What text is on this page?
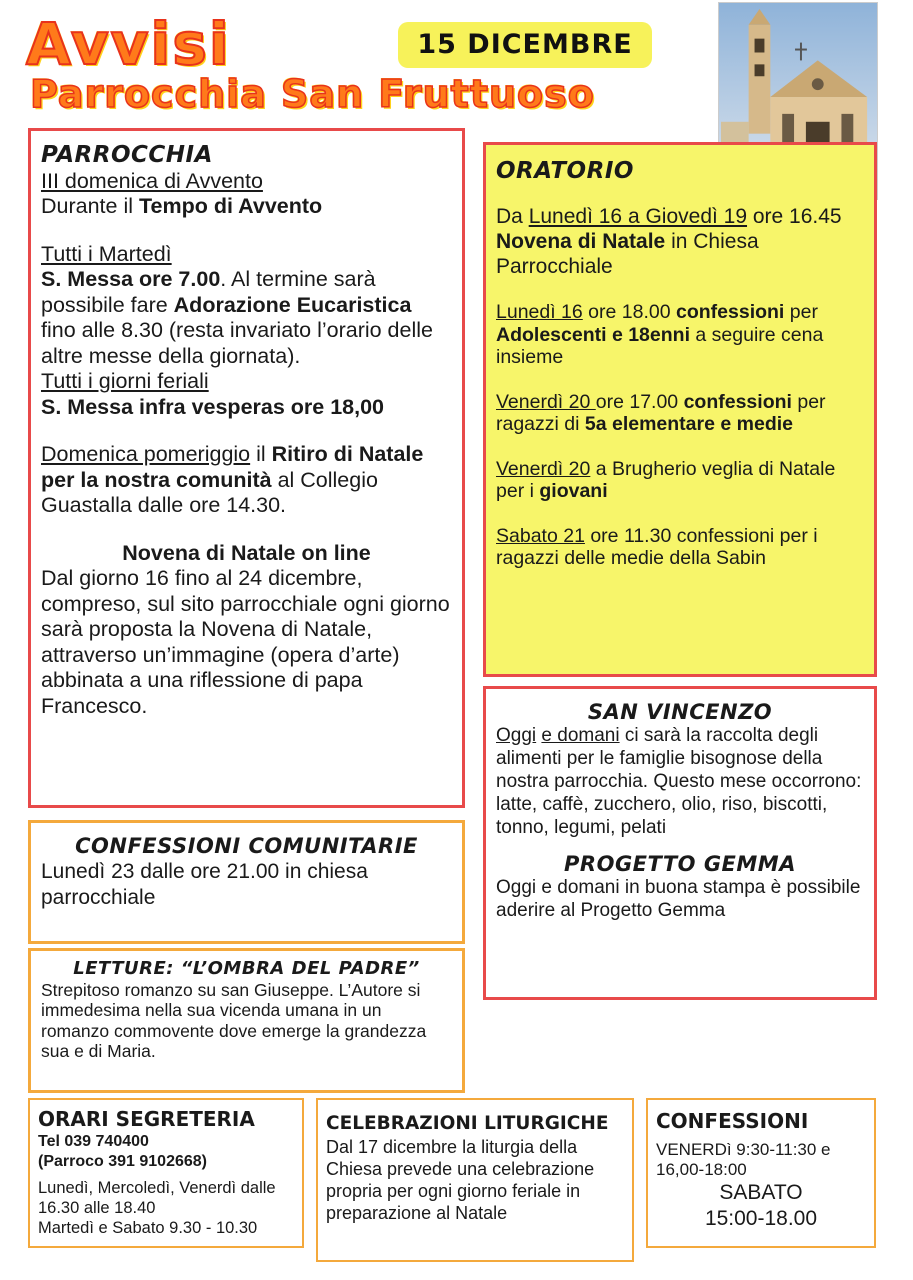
Avvisi
Parrocchia San Fruttuoso
15 DICEMBRE
PARROCCHIA

III domenica di Avvento

Durante il Tempo di Avvento

Tutti i Martedì

S. Messa ore 7.00. Al termine sarà possibile fare Adorazione Eucaristica fino alle 8.30 (resta invariato l’orario delle altre messe della giornata).

Tutti i giorni feriali

S. Messa infra vesperas ore 18,00

Domenica pomeriggio il Ritiro di Natale per la nostra comunità al Collegio Guastalla dalle ore 14.30.

Novena di Natale on line

Dal giorno 16 fino al 24 dicembre, compreso, sul sito parrocchiale ogni giorno sarà proposta la Novena di Natale, attraverso un’immagine (opera d’arte) abbinata a una riflessione di papa Francesco.

ORATORIO

Da Lunedì 16 a Giovedì 19 ore 16.45 Novena di Natale in Chiesa Parrocchiale

Lunedì 16 ore 18.00 confessioni per Adolescenti e 18enni a seguire cena insieme

Venerdì 20 ore 17.00 confessioni per ragazzi di 5a elementare e medie

Venerdì 20 a Brugherio veglia di Natale per i giovani

Sabato 21 ore 11.30 confessioni per i ragazzi delle medie della Sabin

SAN VINCENZO

Oggi e domani ci sarà la raccolta degli alimenti per le famiglie bisognose della nostra parrocchia. Questo mese occorrono: latte, caffè, zucchero, olio, riso, biscotti, tonno, legumi, pelati

PROGETTO GEMMA

Oggi e domani in buona stampa è possibile aderire al Progetto Gemma

CONFESSIONI COMUNITARIE

Lunedì 23 dalle ore 21.00 in chiesa parrocchiale

LETTURE: “L’OMBRA DEL PADRE”

Strepitoso romanzo su san Giuseppe. L’Autore si immedesima nella sua vicenda umana in un romanzo commovente dove emerge la grandezza sua e di Maria.

ORARI SEGRETERIA
Tel 039 740400
(Parroco 391 9102668)

Lunedì, Mercoledì, Venerdì dalle 16.30 alle 18.40

Martedì e Sabato 9.30 - 10.30

CELEBRAZIONI LITURGICHE

Dal 17 dicembre la liturgia della Chiesa prevede una celebrazione propria per ogni giorno feriale in preparazione al Natale

CONFESSIONI

VENERDì 9:30-11:30 e 16,00-18:00

SABATO

15:00-18.00
